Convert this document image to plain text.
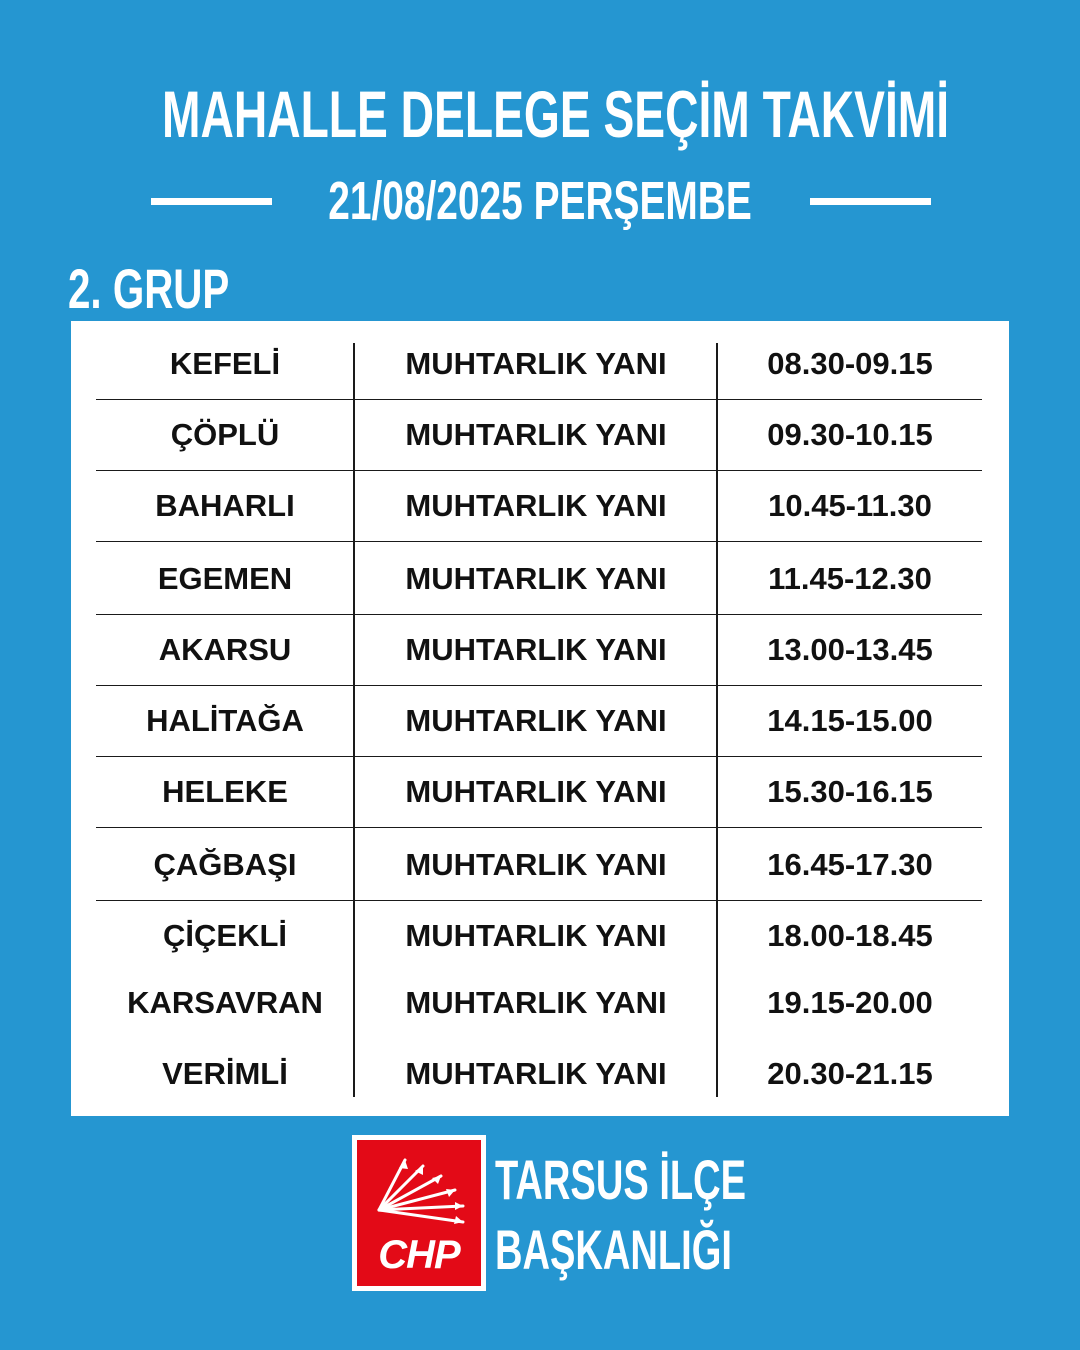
MAHALLE DELEGE SEÇİM TAKVİMİ
21/08/2025 PERŞEMBE
2. GRUP
KEFELİ	MUHTARLIK YANI	08.30-09.15
ÇÖPLÜ	MUHTARLIK YANI	09.30-10.15
BAHARLI	MUHTARLIK YANI	10.45-11.30
EGEMEN	MUHTARLIK YANI	11.45-12.30
AKARSU	MUHTARLIK YANI	13.00-13.45
HALİTAĞA	MUHTARLIK YANI	14.15-15.00
HELEKE	MUHTARLIK YANI	15.30-16.15
ÇAĞBAŞI	MUHTARLIK YANI	16.45-17.30
ÇİÇEKLİ	MUHTARLIK YANI	18.00-18.45
KARSAVRAN	MUHTARLIK YANI	19.15-20.00
VERİMLİ	MUHTARLIK YANI	20.30-21.15
CHP
TARSUS İLÇE
BAŞKANLIĞI
